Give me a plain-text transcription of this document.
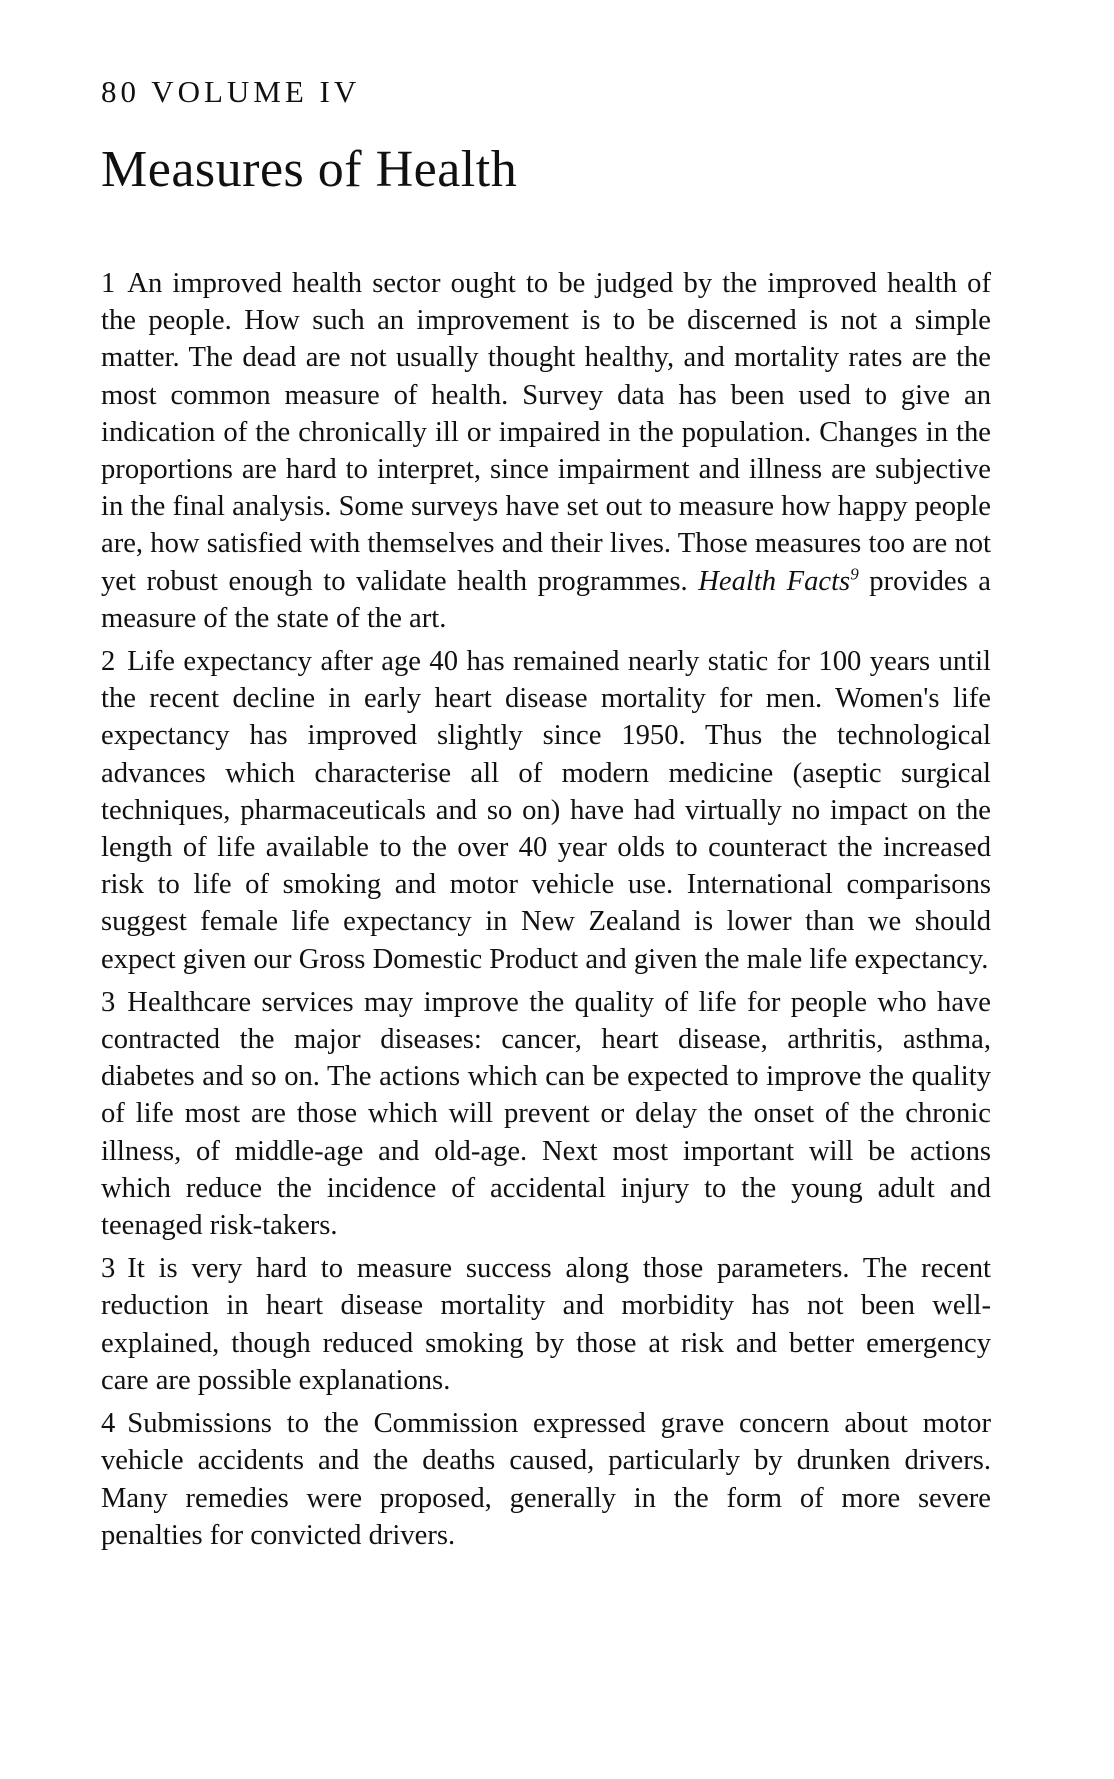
80 VOLUME IV

Measures of Health

1 An improved health sector ought to be judged by the improved health of the people. How such an improvement is to be discerned is not a simple matter. The dead are not usually thought healthy, and mortality rates are the most common measure of health. Survey data has been used to give an indication of the chronically ill or impaired in the population. Changes in the proportions are hard to interpret, since impairment and illness are subjective in the final analysis. Some surveys have set out to measure how happy people are, how satisfied with themselves and their lives. Those measures too are not yet robust enough to validate health programmes. Health Facts$^9$ provides a measure of the state of the art.

2 Life expectancy after age 40 has remained nearly static for 100 years until the recent decline in early heart disease mortality for men. Women's life expectancy has improved slightly since 1950. Thus the technological advances which characterise all of modern medicine (aseptic surgical techniques, pharmaceuticals and so on) have had virtually no impact on the length of life available to the over 40 year olds to counteract the increased risk to life of smoking and motor vehicle use. International comparisons suggest female life expectancy in New Zealand is lower than we should expect given our Gross Domestic Product and given the male life expectancy.

3 Healthcare services may improve the quality of life for people who have contracted the major diseases: cancer, heart disease, arthritis, asthma, diabetes and so on. The actions which can be expected to improve the quality of life most are those which will prevent or delay the onset of the chronic illness, of middle-age and old-age. Next most important will be actions which reduce the incidence of accidental injury to the young adult and teenaged risk-takers.

3 It is very hard to measure success along those parameters. The recent reduction in heart disease mortality and morbidity has not been well-explained, though reduced smoking by those at risk and better emergency care are possible explanations.

4 Submissions to the Commission expressed grave concern about motor vehicle accidents and the deaths caused, particularly by drunken drivers. Many remedies were proposed, generally in the form of more severe penalties for convicted drivers.
